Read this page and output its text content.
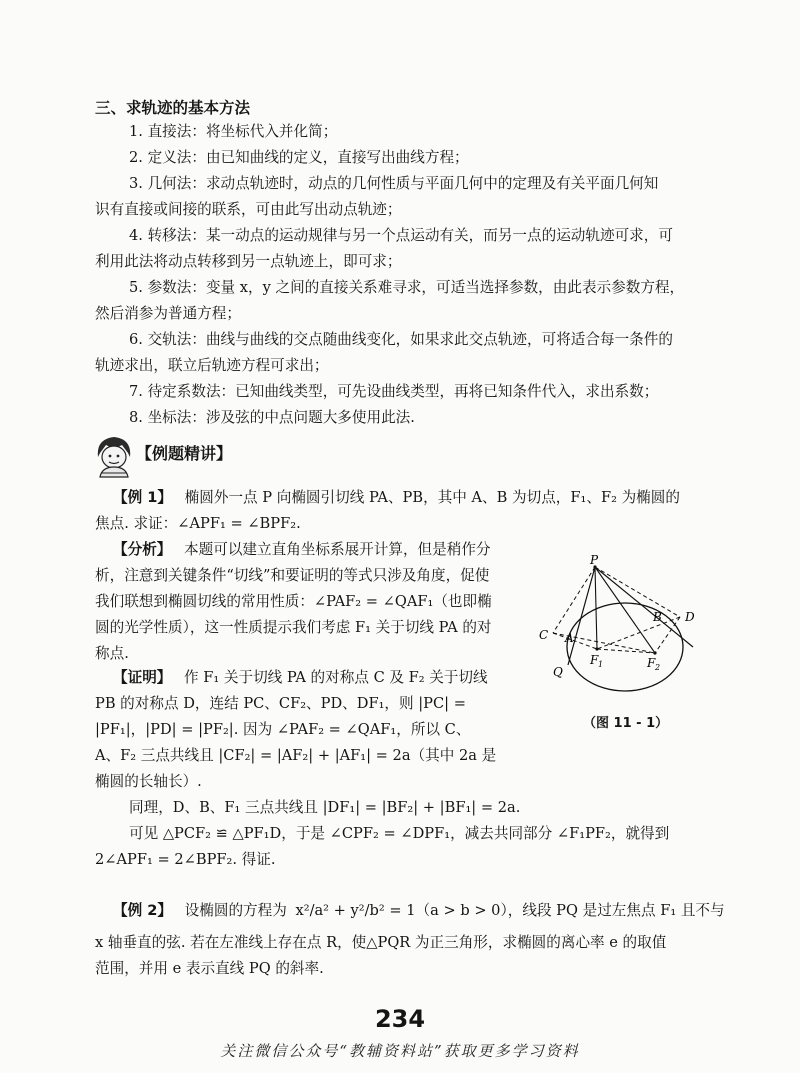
三、求轨迹的基本方法
1. 直接法：将坐标代入并化简；
2. 定义法：由已知曲线的定义，直接写出曲线方程；
3. 几何法：求动点轨迹时，动点的几何性质与平面几何中的定理及有关平面几何知
识有直接或间接的联系，可由此写出动点轨迹；
4. 转移法：某一动点的运动规律与另一个点运动有关，而另一点的运动轨迹可求，可
利用此法将动点转移到另一点轨迹上，即可求；
5. 参数法：变量 x，y 之间的直接关系难寻求，可适当选择参数，由此表示参数方程，
然后消参为普通方程；
6. 交轨法：曲线与曲线的交点随曲线变化，如果求此交点轨迹，可将适合每一条件的
轨迹求出，联立后轨迹方程可求出；
7. 待定系数法：已知曲线类型，可先设曲线类型，再将已知条件代入，求出系数；
8. 坐标法：涉及弦的中点问题大多使用此法.
【例题精讲】
【例 1】 椭圆外一点 P 向椭圆引切线 PA、PB，其中 A、B 为切点，F₁、F₂ 为椭圆的
焦点. 求证：∠APF₁ = ∠BPF₂.
【分析】 本题可以建立直角坐标系展开计算，但是稍作分
析，注意到关键条件“切线”和要证明的等式只涉及角度，促使
我们联想到椭圆切线的常用性质：∠PAF₂ = ∠QAF₁（也即椭
圆的光学性质），这一性质提示我们考虑 F₁ 关于切线 PA 的对
称点.
【证明】 作 F₁ 关于切线 PA 的对称点 C 及 F₂ 关于切线
PB 的对称点 D，连结 PC、CF₂、PD、DF₁，则 |PC| =
|PF₁|，|PD| = |PF₂|. 因为 ∠PAF₂ = ∠QAF₁，所以 C、
A、F₂ 三点共线且 |CF₂| = |AF₂| + |AF₁| = 2a（其中 2a 是
椭圆的长轴长）.
同理，D、B、F₁ 三点共线且 |DF₁| = |BF₂| + |BF₁| = 2a.
可见 △PCF₂ ≌ △PF₁D，于是 ∠CPF₂ = ∠DPF₁，减去共同部分 ∠F₁PF₂，就得到
2∠APF₁ = 2∠BPF₂. 得证.
P
A
B
C
D
Q
F 1	F 2
（图 11 - 1）
【例 2】 设椭圆的方程为 x²/a² + y²/b² = 1（a > b > 0），线段 PQ 是过左焦点 F₁ 且不与
x 轴垂直的弦. 若在左准线上存在点 R，使△PQR 为正三角形，求椭圆的离心率 e 的取值
范围，并用 e 表示直线 PQ 的斜率.
234
关注微信公众号“教辅资料站”获取更多学习资料
